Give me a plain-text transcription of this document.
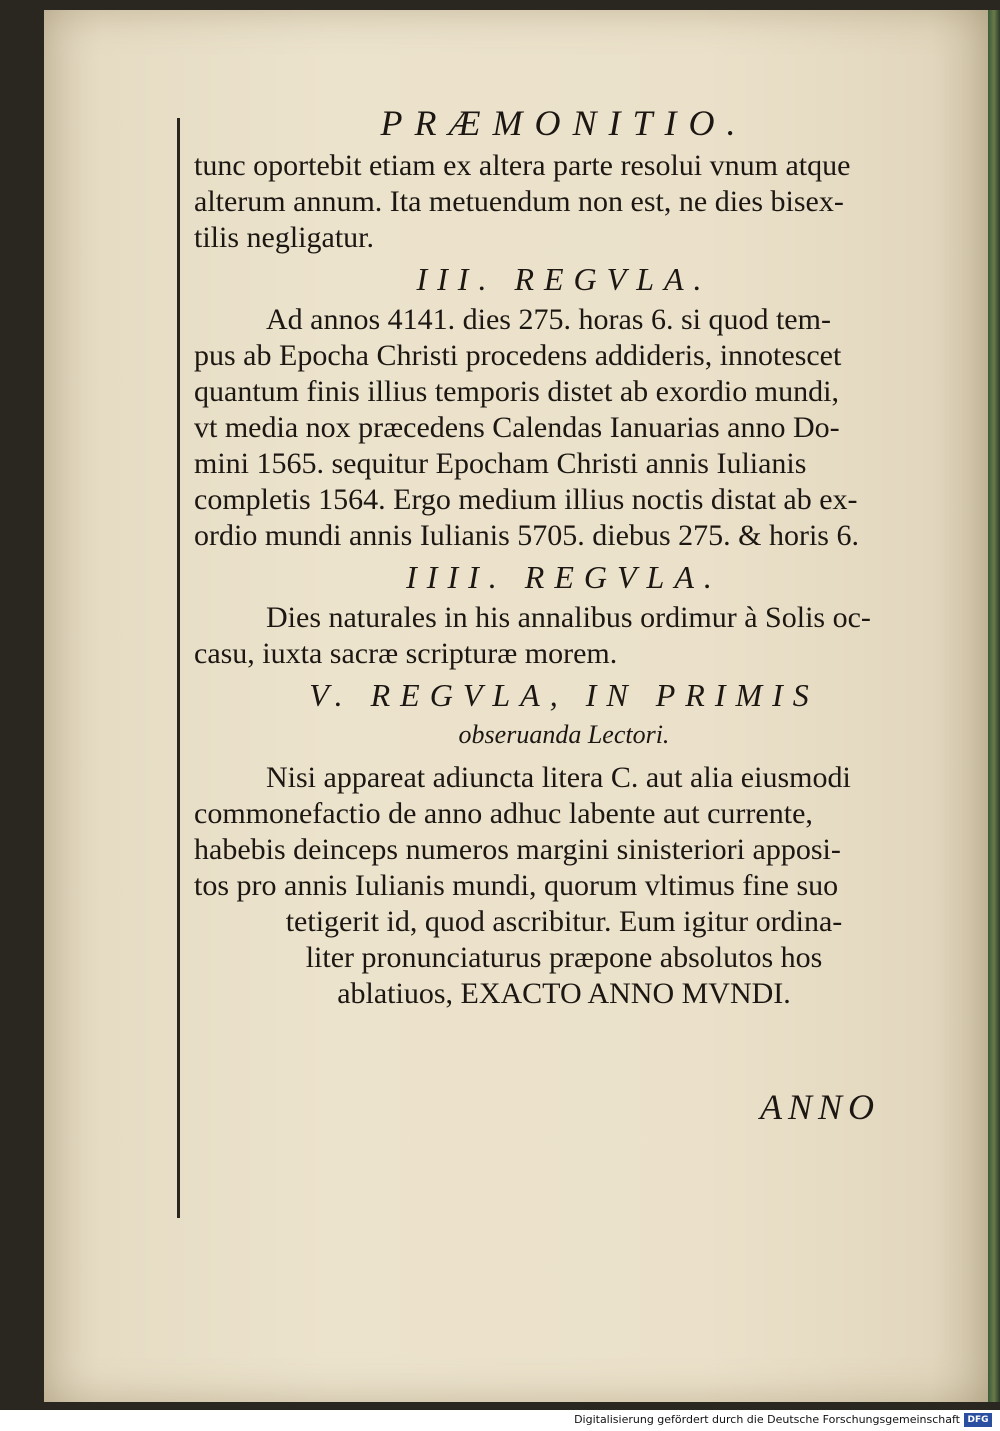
PRÆMONITIO.
tunc oportebit etiam ex altera parte resolui vnum atque
alterum annum. Ita metuendum non est, ne dies bisex-
tilis negligatur.
III. REGVLA.
Ad annos 4141. dies 275. horas 6. si quod tem-
pus ab Epocha Christi procedens addideris, innotescet
quantum finis illius temporis distet ab exordio mundi,
vt media nox præcedens Calendas Ianuarias anno Do-
mini 1565. sequitur Epocham Christi annis Iulianis
completis 1564. Ergo medium illius noctis distat ab ex-
ordio mundi annis Iulianis 5705. diebus 275. & horis 6.
IIII. REGVLA.
Dies naturales in his annalibus ordimur à Solis oc-
casu, iuxta sacræ scripturæ morem.
V. REGVLA, IN PRIMIS
obseruanda Lectori.
Nisi appareat adiuncta litera C. aut alia eiusmodi
commonefactio de anno adhuc labente aut currente,
habebis deinceps numeros margini sinisteriori apposi-
tos pro annis Iulianis mundi, quorum vltimus fine suo
tetigerit id, quod ascribitur. Eum igitur ordina-
liter pronunciaturus præpone absolutos hos
ablatiuos, EXACTO ANNO MVNDI.
ANNO
Digitalisierung gefördert durch die Deutsche Forschungsgemeinschaft DFG
